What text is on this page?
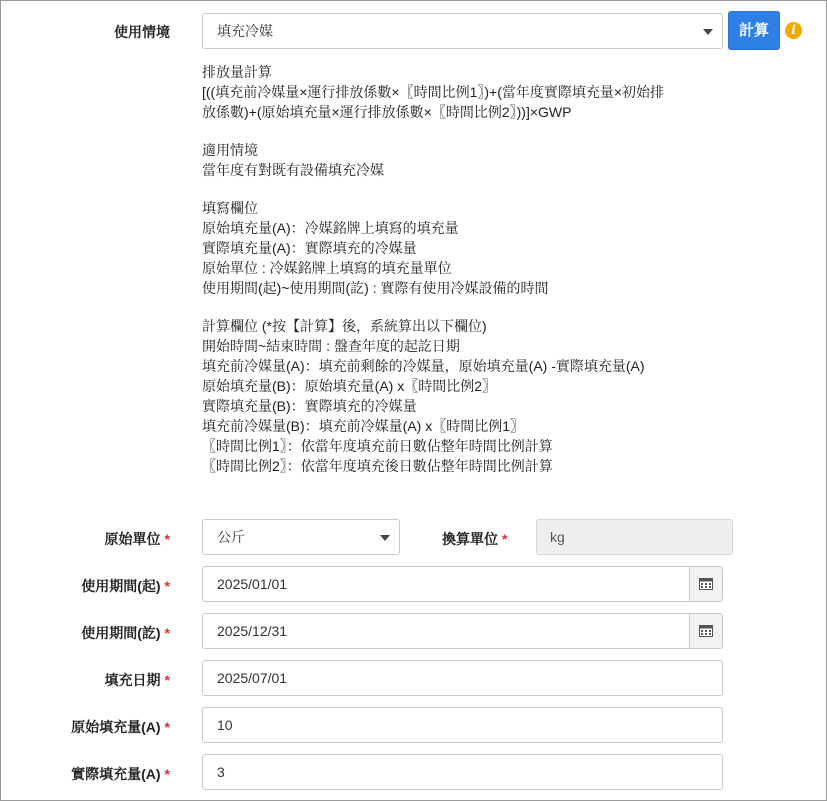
使用情境	填充冷媒	計算	i
排放量計算
[((填充前冷媒量×運行排放係數×〖時間比例1〗)+(當年度實際填充量×初始排
放係數)+(原始填充量×運行排放係數×〖時間比例2〗))]×GWP
適用情境
當年度有對既有設備填充冷媒
填寫欄位
原始填充量(A)：冷媒銘牌上填寫的填充量
實際填充量(A)：實際填充的冷媒量
原始單位 : 冷媒銘牌上填寫的填充量單位
使用期間(起)~使用期間(訖) : 實際有使用冷媒設備的時間
計算欄位 (*按【計算】後，系統算出以下欄位)
開始時間~結束時間 : 盤查年度的起訖日期
填充前冷媒量(A)：填充前剩餘的冷媒量，原始填充量(A) -實際填充量(A)
原始填充量(B)：原始填充量(A) x〖時間比例2〗
實際填充量(B)：實際填充的冷媒量
填充前冷媒量(B)：填充前冷媒量(A) x〖時間比例1〗
〖時間比例1〗：依當年度填充前日數佔整年時間比例計算
〖時間比例2〗：依當年度填充後日數佔整年時間比例計算
原始單位 *	公斤	換算單位 *	kg
使用期間(起) *	2025/01/01
使用期間(訖) *	2025/12/31
填充日期 *	2025/07/01
原始填充量(A) *	10
實際填充量(A) *	3
